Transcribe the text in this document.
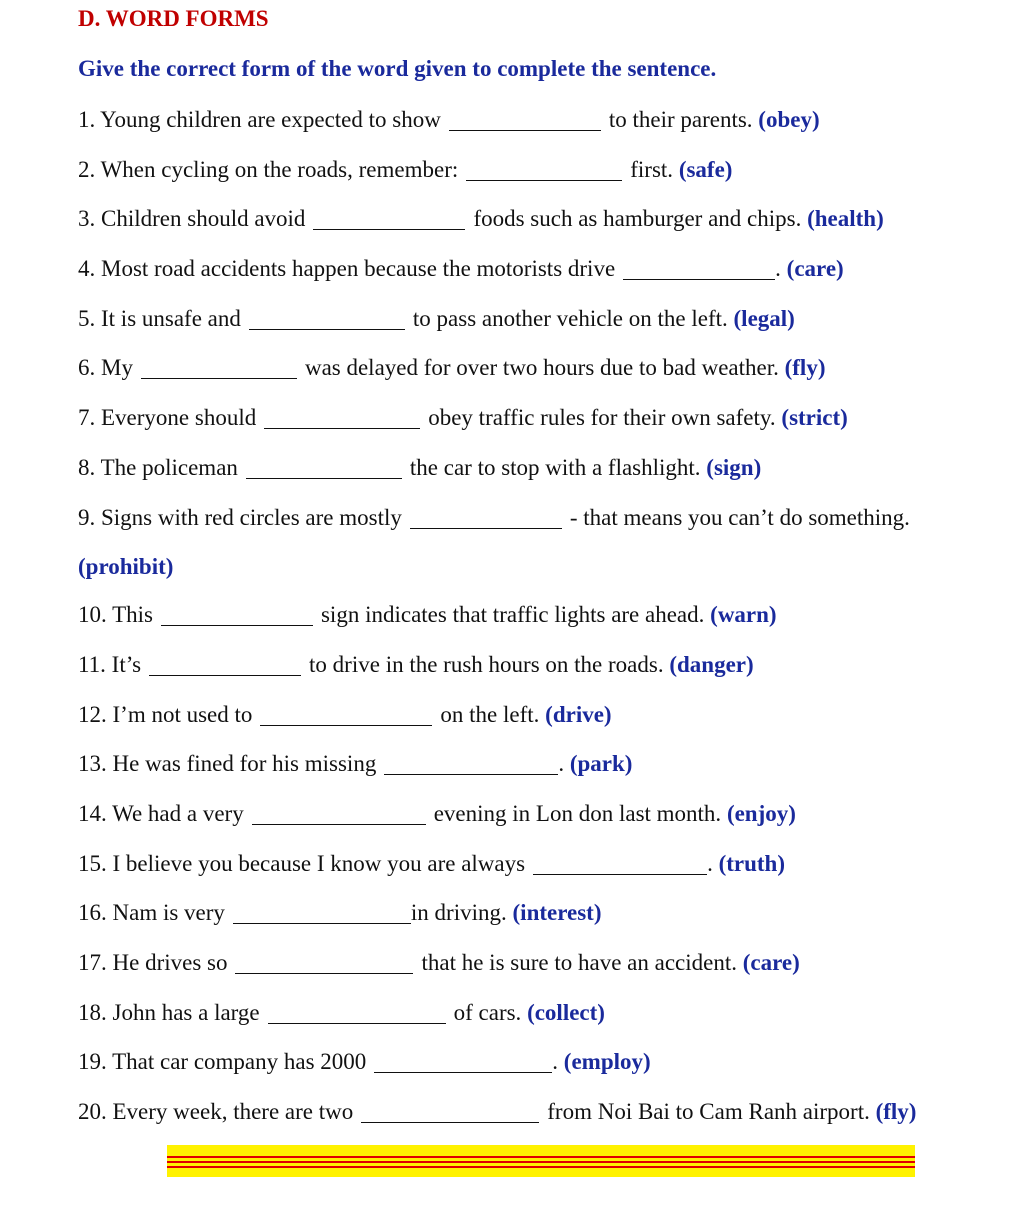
D. WORD FORMS
Give the correct form of the word given to complete the sentence.
1. Young children are expected to show	to their parents. (obey)
2. When cycling on the roads, remember:	first. (safe)
3. Children should avoid	foods such as hamburger and chips. (health)
4. Most road accidents happen because the motorists drive	. (care)
5. It is unsafe and	to pass another vehicle on the left. (legal)
6. My	was delayed for over two hours due to bad weather. (fly)
7. Everyone should	obey traffic rules for their own safety. (strict)
8. The policeman	the car to stop with a flashlight. (sign)
9. Signs with red circles are mostly	- that means you can’t do something.
(prohibit)
10. This	sign indicates that traffic lights are ahead. (warn)
11. It’s	to drive in the rush hours on the roads. (danger)
12. I’m not used to	on the left. (drive)
13. He was fined for his missing	. (park)
14. We had a very	evening in Lon don last month. (enjoy)
15. I believe you because I know you are always	. (truth)
16. Nam is very	in driving. (interest)
17. He drives so	that he is sure to have an accident. (care)
18. John has a large	of cars. (collect)
19. That car company has 2000	. (employ)
20. Every week, there are two	from Noi Bai to Cam Ranh airport. (fly)
